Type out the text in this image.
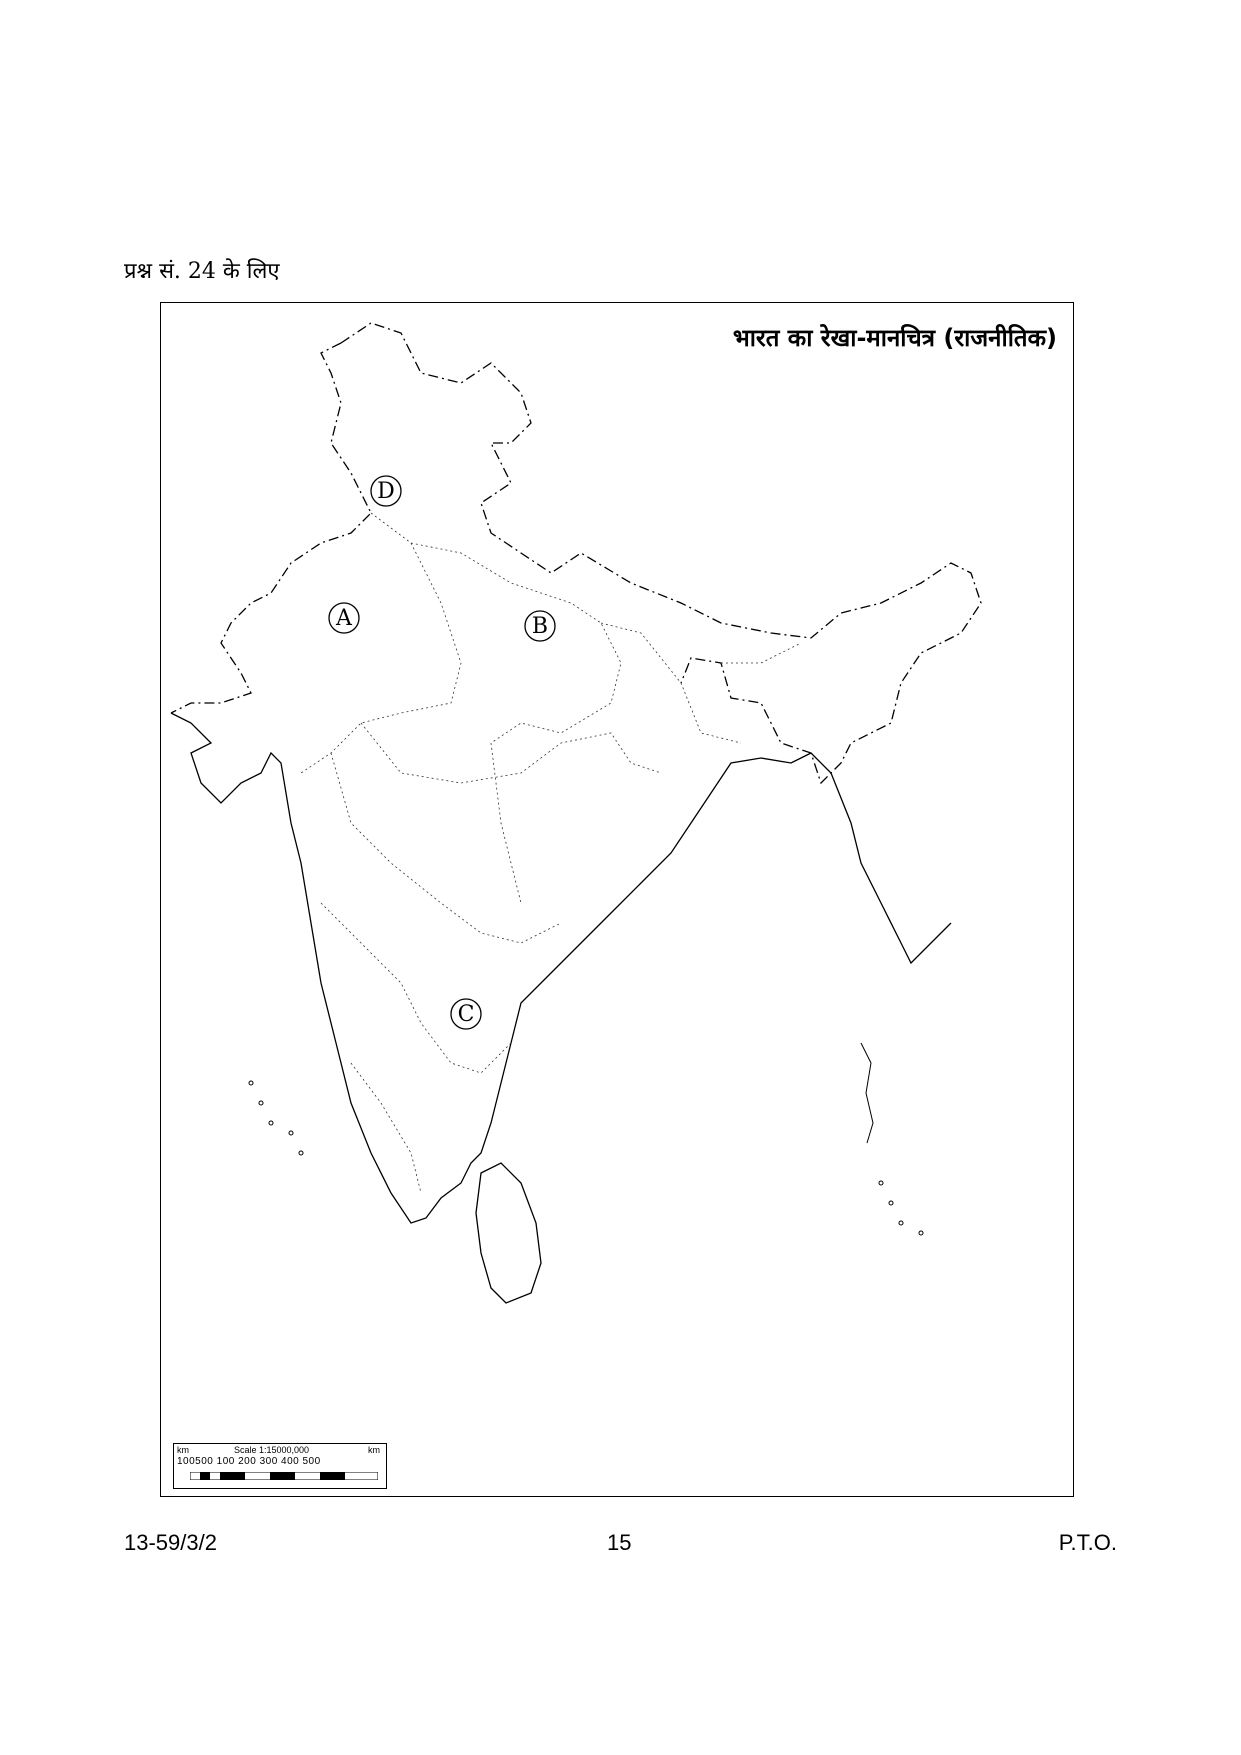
प्रश्न सं. 24 के लिए
A	B
C
D
भारत का रेखा-मानचित्र (राजनीतिक)
km	Scale 1:15000,000	km
100500 100 200 300 400 500
13-59/3/2	15	P.T.O.
